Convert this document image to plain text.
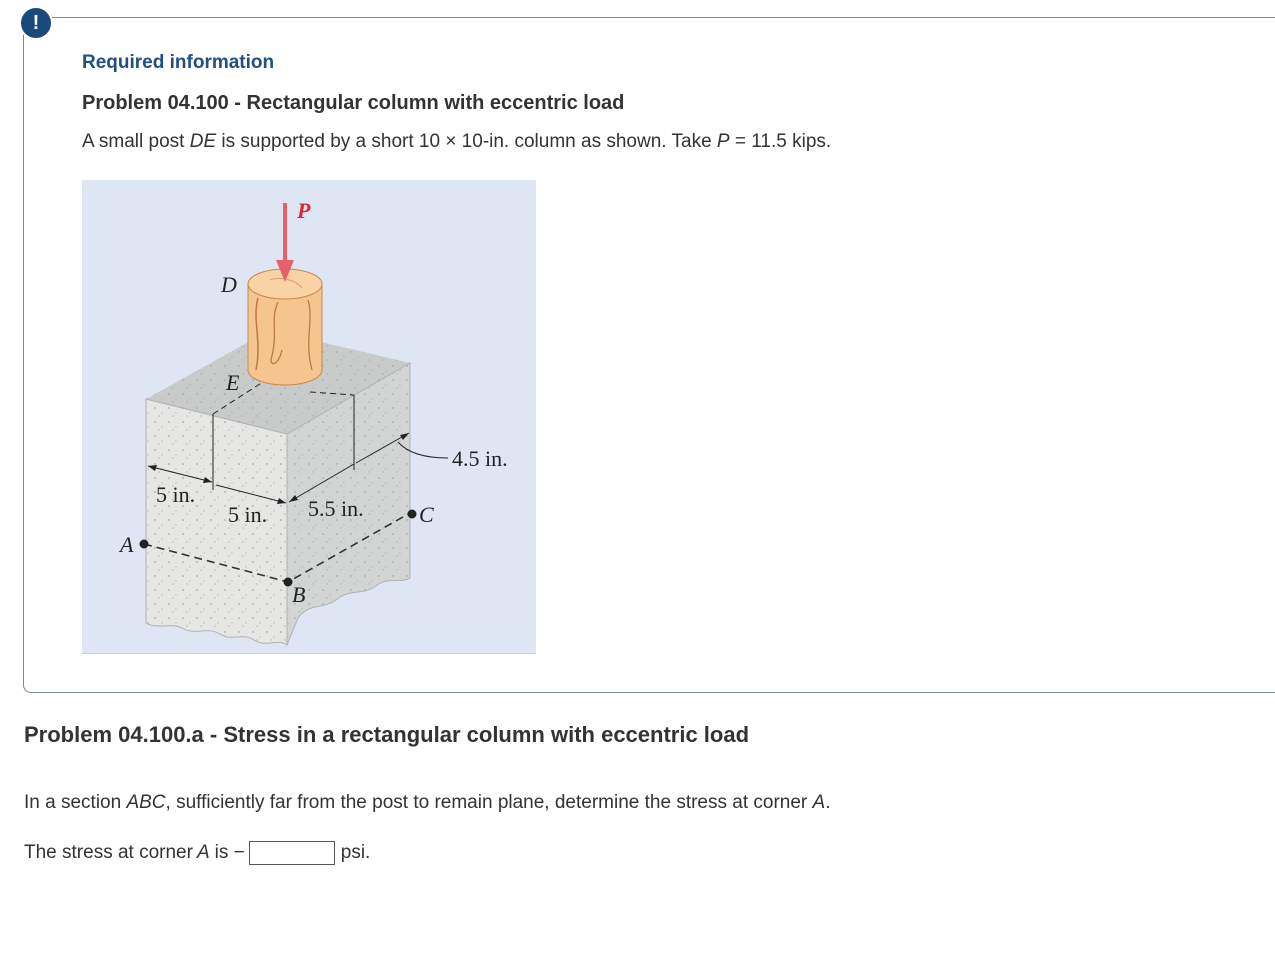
!
Required information
Problem 04.100 - Rectangular column with eccentric load
A small post DE is supported by a short 10 × 10-in. column as shown. Take P = 11.5 kips.
P
D
E
A
B
C
5 in.
5 in. 5.5 in.
4.5 in.
Problem 04.100.a - Stress in a rectangular column with eccentric load
In a section ABC, sufficiently far from the post to remain plane, determine the stress at corner A.
The stress at corner A is −	psi.
